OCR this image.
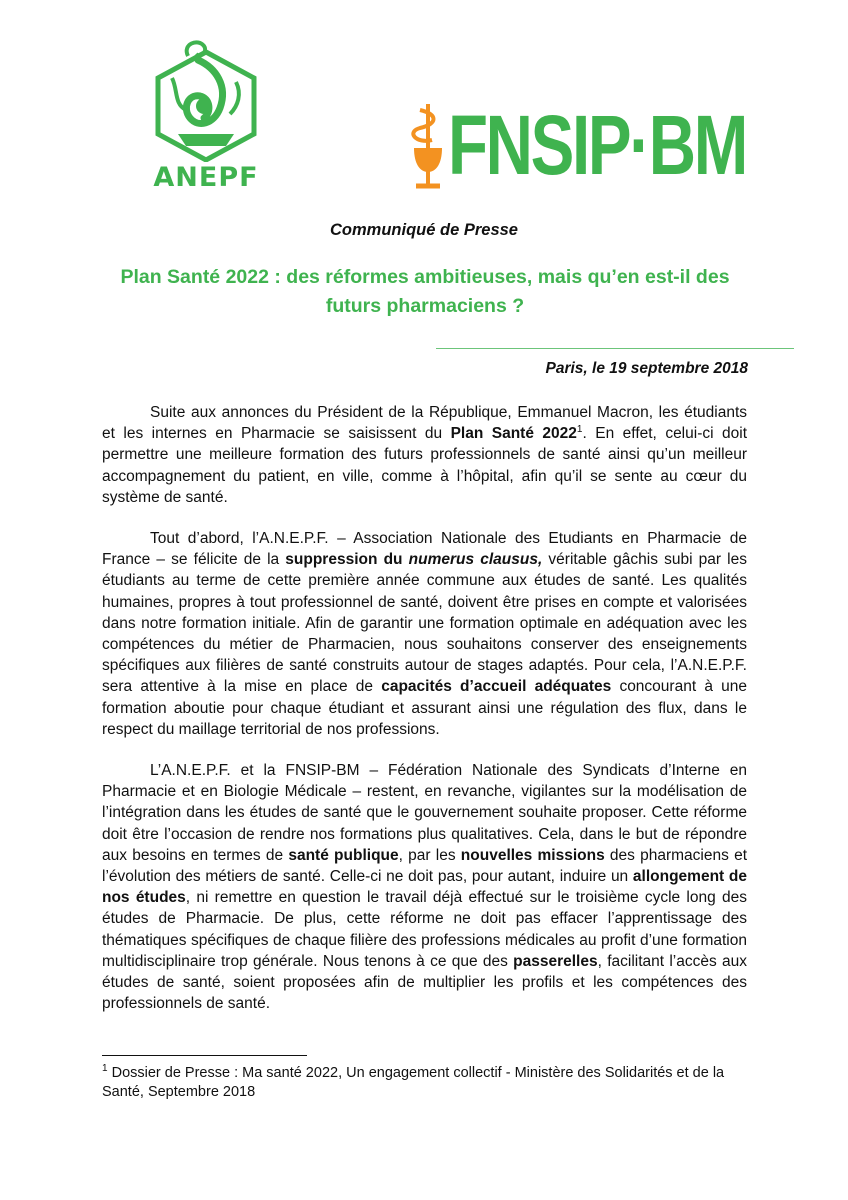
ANEPF FNSIP·BM
Communiqué de Presse
Plan Santé 2022 : des réformes ambitieuses, mais qu’en est-il des
futurs pharmaciens ?
Paris, le 19 septembre 2018

Suite aux annonces du Président de la République, Emmanuel Macron, les étudiants et les internes en Pharmacie se saisissent du Plan Santé 2022$^1$. En effet, celui-ci doit permettre une meilleure formation des futurs professionnels de santé ainsi qu’un meilleur accompagnement du patient, en ville, comme à l’hôpital, afin qu’il se sente au cœur du système de santé.

Tout d’abord, l’A.N.E.P.F. – Association Nationale des Etudiants en Pharmacie de France – se félicite de la suppression du numerus clausus, véritable gâchis subi par les étudiants au terme de cette première année commune aux études de santé. Les qualités humaines, propres à tout professionnel de santé, doivent être prises en compte et valorisées dans notre formation initiale. Afin de garantir une formation optimale en adéquation avec les compétences du métier de Pharmacien, nous souhaitons conserver des enseignements spécifiques aux filières de santé construits autour de stages adaptés. Pour cela, l’A.N.E.P.F. sera attentive à la mise en place de capacités d’accueil adéquates concourant à une formation aboutie pour chaque étudiant et assurant ainsi une régulation des flux, dans le respect du maillage territorial de nos professions.

L’A.N.E.P.F. et la FNSIP-BM – Fédération Nationale des Syndicats d’Interne en Pharmacie et en Biologie Médicale – restent, en revanche, vigilantes sur la modélisation de l’intégration dans les études de santé que le gouvernement souhaite proposer. Cette réforme doit être l’occasion de rendre nos formations plus qualitatives. Cela, dans le but de répondre aux besoins en termes de santé publique, par les nouvelles missions des pharmaciens et l’évolution des métiers de santé. Celle-ci ne doit pas, pour autant, induire un allongement de nos études, ni remettre en question le travail déjà effectué sur le troisième cycle long des études de Pharmacie. De plus, cette réforme ne doit pas effacer l’apprentissage des thématiques spécifiques de chaque filière des professions médicales au profit d’une formation multidisciplinaire trop générale. Nous tenons à ce que des passerelles, facilitant l’accès aux études de santé, soient proposées afin de multiplier les profils et les compétences des professionnels de santé.

$^1$ Dossier de Presse : Ma santé 2022, Un engagement collectif - Ministère des Solidarités et de la Santé, Septembre 2018
